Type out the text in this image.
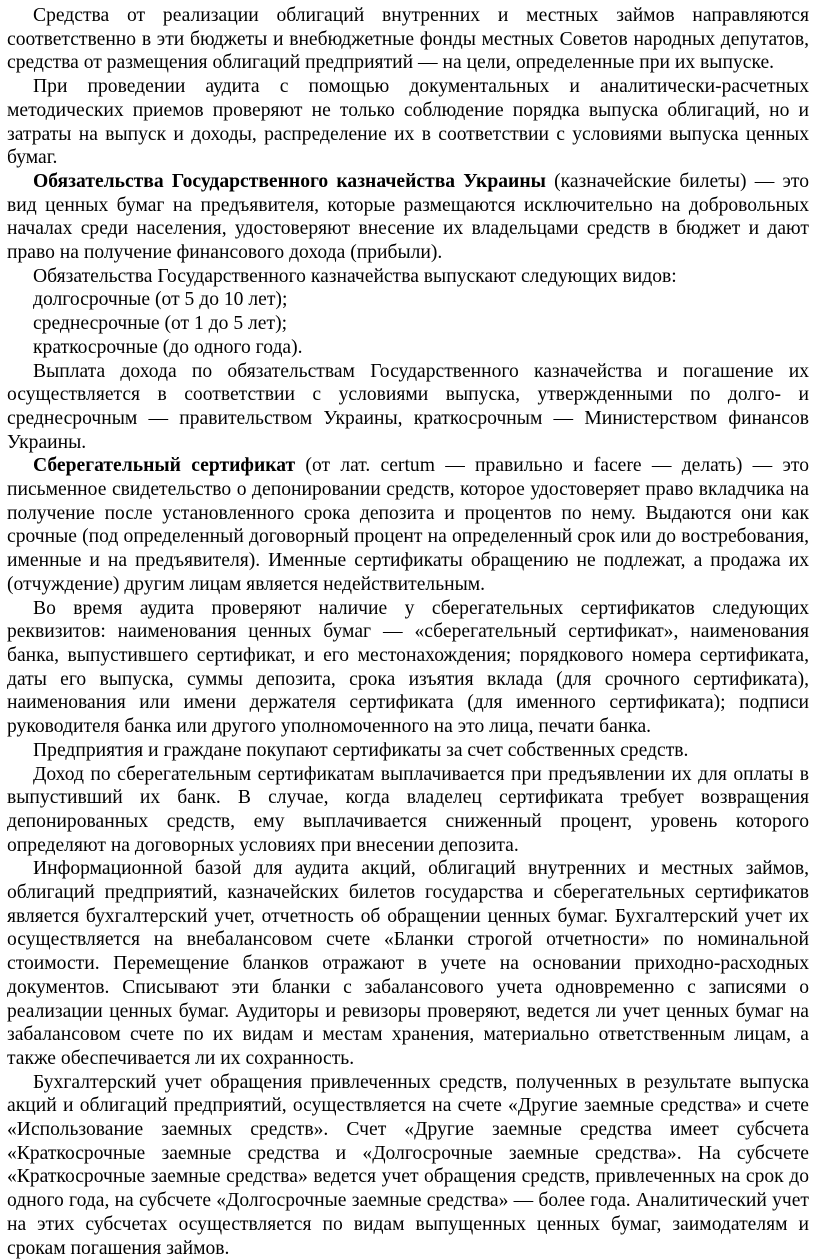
Средства от реализации облигаций внутренних и местных займов направляются соответственно в эти бюджеты и внебюджетные фонды местных Советов народных депутатов, средства от размещения облигаций предприятий — на цели, определенные при их выпуске.

При проведении аудита с помощью документальных и аналитически-расчетных методических приемов проверяют не только соблюдение порядка выпуска облигаций, но и затраты на выпуск и доходы, распределение их в соответствии с условиями выпуска ценных бумаг.

Обязательства Государственного казначейства Украины (казначейские билеты) — это вид ценных бумаг на предъявителя, которые размещаются исключительно на добровольных началах среди населения, удостоверяют внесение их владельцами средств в бюджет и дают право на получение финансового дохода (прибыли).

Обязательства Государственного казначейства выпускают следующих видов:

долгосрочные (от 5 до 10 лет);

среднесрочные (от 1 до 5 лет);

краткосрочные (до одного года).

Выплата дохода по обязательствам Государственного казначейства и погашение их осуществляется в соответствии с условиями выпуска, утвержденными по долго- и среднесрочным — правительством Украины, краткосрочным — Министерством финансов Украины.

Сберегательный сертификат (от лат. certum — правильно и facere — делать) — это письменное свидетельство о депонировании средств, которое удостоверяет право вкладчика на получение после установленного срока депозита и процентов по нему. Выдаются они как срочные (под определенный договорный процент на определенный срок или до востребования, именные и на предъявителя). Именные сертификаты обращению не подлежат, а продажа их (отчуждение) другим лицам является недействительным.

Во время аудита проверяют наличие у сберегательных сертификатов следующих реквизитов: наименования ценных бумаг — «сберегательный сертификат», наименования банка, выпустившего сертификат, и его местонахождения; порядкового номера сертификата, даты его выпуска, суммы депозита, срока изъятия вклада (для срочного сертификата), наименования или имени держателя сертификата (для именного сертификата); подписи руководителя банка или другого уполномоченного на это лица, печати банка.

Предприятия и граждане покупают сертификаты за счет собственных средств.

Доход по сберегательным сертификатам выплачивается при предъявлении их для оплаты в выпустивший их банк. В случае, когда владелец сертификата требует возвращения депонированных средств, ему выплачивается сниженный процент, уровень которого определяют на договорных условиях при внесении депозита.

Информационной базой для аудита акций, облигаций внутренних и местных займов, облигаций предприятий, казначейских билетов государства и сберегательных сертификатов является бухгалтерский учет, отчетность об обращении ценных бумаг. Бухгалтерский учет их осуществляется на внебалансовом счете «Бланки строгой отчетности» по номинальной стоимости. Перемещение бланков отражают в учете на основании приходно-расходных документов. Списывают эти бланки с забалансового учета одновременно с записями о реализации ценных бумаг. Аудиторы и ревизоры проверяют, ведется ли учет ценных бумаг на забалансовом счете по их видам и местам хранения, материально ответственным лицам, а также обеспечивается ли их сохранность.

Бухгалтерский учет обращения привлеченных средств, полученных в результате выпуска акций и облигаций предприятий, осуществляется на счете «Другие заемные средства» и счете «Использование заемных средств». Счет «Другие заемные средства имеет субсчета «Краткосрочные заемные средства и «Долгосрочные заемные средства». На субсчете «Краткосрочные заемные средства» ведется учет обращения средств, привлеченных на срок до одного года, на субсчете «Долгосрочные заемные средства» — более года. Аналитический учет на этих субсчетах осуществляется по видам выпущенных ценных бумаг, заимодателям и срокам погашения займов.
